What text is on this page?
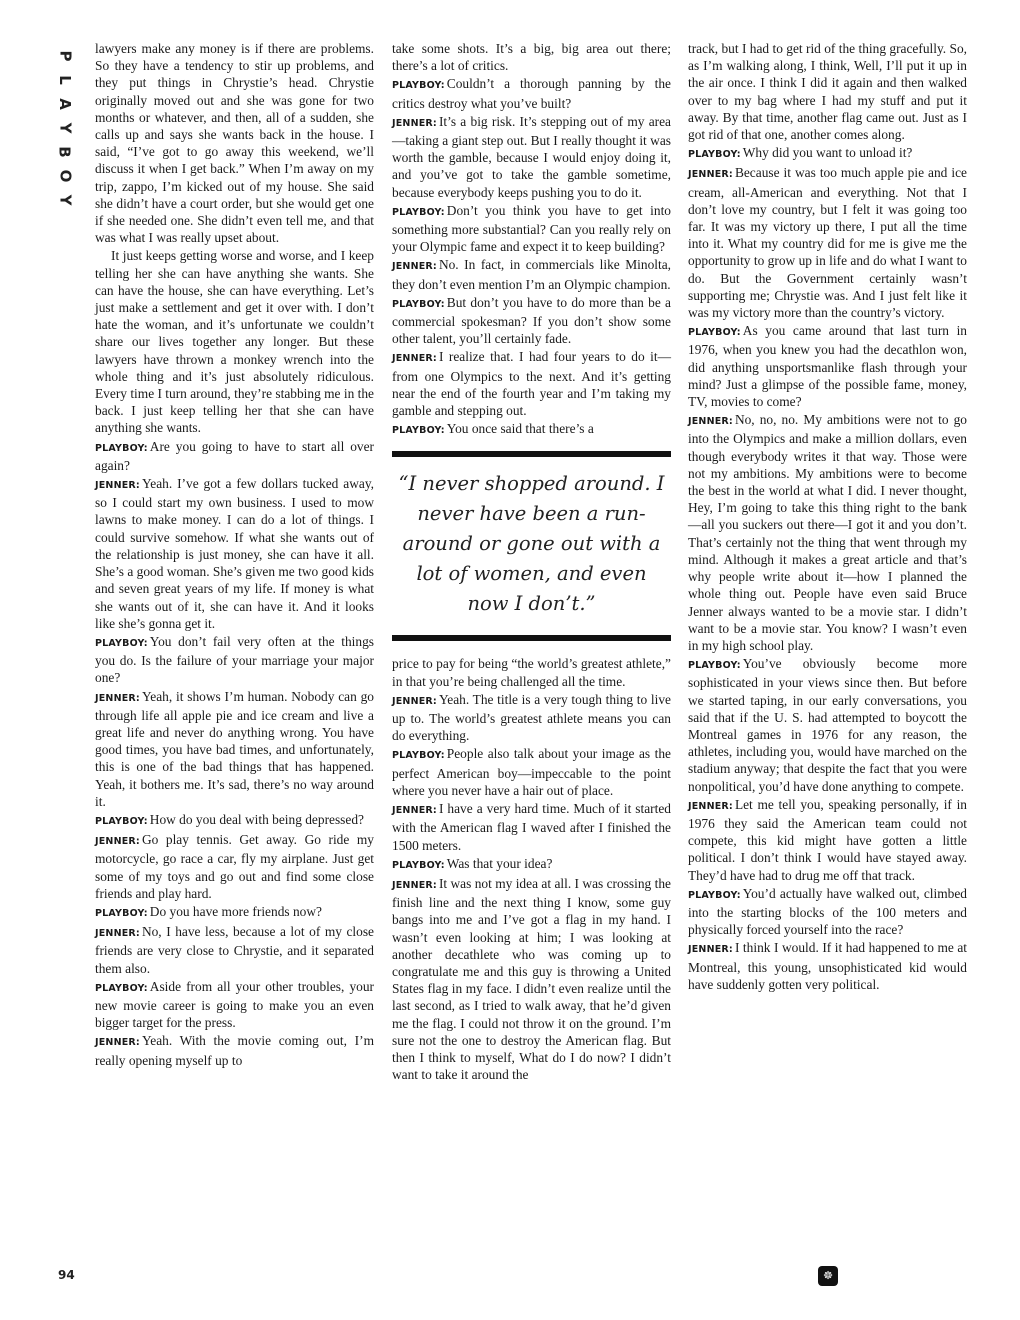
P
L
A
Y
B
O
Y

lawyers make any money is if there are problems. So they have a tendency to stir up problems, and they put things in Chrystie’s head. Chrystie originally moved out and she was gone for two months or whatever, and then, all of a sudden, she calls up and says she wants back in the house. I said, “I’ve got to go away this weekend, we’ll discuss it when I get back.” When I’m away on my trip, zappo, I’m kicked out of my house. She said she didn’t have a court order, but she would get one if she needed one. She didn’t even tell me, and that was what I was really upset about.

It just keeps getting worse and worse, and I keep telling her she can have anything she wants. She can have the house, she can have everything. Let’s just make a settlement and get it over with. I don’t hate the woman, and it’s unfortunate we couldn’t share our lives together any longer. But these lawyers have thrown a monkey wrench into the whole thing and it’s just absolutely ridiculous. Every time I turn around, they’re stabbing me in the back. I just keep telling her that she can have anything she wants.

PLAYBOY: Are you going to have to start all over again?

JENNER: Yeah. I’ve got a few dollars tucked away, so I could start my own business. I used to mow lawns to make money. I can do a lot of things. I could survive somehow. If what she wants out of the relationship is just money, she can have it all. She’s a good woman. She’s given me two good kids and seven great years of my life. If money is what she wants out of it, she can have it. And it looks like she’s gonna get it.

PLAYBOY: You don’t fail very often at the things you do. Is the failure of your marriage your major one?

JENNER: Yeah, it shows I’m human. Nobody can go through life all apple pie and ice cream and live a great life and never do anything wrong. You have good times, you have bad times, and unfortunately, this is one of the bad things that has happened. Yeah, it bothers me. It’s sad, there’s no way around it.

PLAYBOY: How do you deal with being depressed?

JENNER: Go play tennis. Get away. Go ride my motorcycle, go race a car, fly my airplane. Just get some of my toys and go out and find some close friends and play hard.

PLAYBOY: Do you have more friends now?

JENNER: No, I have less, because a lot of my close friends are very close to Chrystie, and it separated them also.

PLAYBOY: Aside from all your other troubles, your new movie career is going to make you an even bigger target for the press.

JENNER: Yeah. With the movie coming out, I’m really opening myself up to

take some shots. It’s a big, big area out there; there’s a lot of critics.

PLAYBOY: Couldn’t a thorough panning by the critics destroy what you’ve built?

JENNER: It’s a big risk. It’s stepping out of my area—taking a giant step out. But I really thought it was worth the gamble, because I would enjoy doing it, and you’ve got to take the gamble sometime, because everybody keeps pushing you to do it.

PLAYBOY: Don’t you think you have to get into something more substantial? Can you really rely on your Olympic fame and expect it to keep building?

JENNER: No. In fact, in commercials like Minolta, they don’t even mention I’m an Olympic champion.

PLAYBOY: But don’t you have to do more than be a commercial spokesman? If you don’t show some other talent, you’ll certainly fade.

JENNER: I realize that. I had four years to do it—from one Olympics to the next. And it’s getting near the end of the fourth year and I’m taking my gamble and stepping out.

PLAYBOY: You once said that there’s a

“I never shopped around. I never have been a run-around or gone out with a lot of women, and even now I don’t.”

price to pay for being “the world’s greatest athlete,” in that you’re being challenged all the time.

JENNER: Yeah. The title is a very tough thing to live up to. The world’s greatest athlete means you can do everything.

PLAYBOY: People also talk about your image as the perfect American boy—impeccable to the point where you never have a hair out of place.

JENNER: I have a very hard time. Much of it started with the American flag I waved after I finished the 1500 meters.

PLAYBOY: Was that your idea?

JENNER: It was not my idea at all. I was crossing the finish line and the next thing I know, some guy bangs into me and I’ve got a flag in my hand. I wasn’t even looking at him; I was looking at another decathlete who was coming up to congratulate me and this guy is throwing a United States flag in my face. I didn’t even realize until the last second, as I tried to walk away, that he’d given me the flag. I could not throw it on the ground. I’m sure not the one to destroy the American flag. But then I think to myself, What do I do now? I didn’t want to take it around the

track, but I had to get rid of the thing gracefully. So, as I’m walking along, I think, Well, I’ll put it up in the air once. I think I did it again and then walked over to my bag where I had my stuff and put it away. By that time, another flag came out. Just as I got rid of that one, another comes along.

PLAYBOY: Why did you want to unload it?

JENNER: Because it was too much apple pie and ice cream, all-American and everything. Not that I don’t love my country, but I felt it was going too far. It was my victory up there, I put all the time into it. What my country did for me is give me the opportunity to grow up in life and do what I want to do. But the Government certainly wasn’t supporting me; Chrystie was. And I just felt like it was my victory more than the country’s victory.

PLAYBOY: As you came around that last turn in 1976, when you knew you had the decathlon won, did anything unsportsmanlike flash through your mind? Just a glimpse of the possible fame, money, TV, movies to come?

JENNER: No, no, no. My ambitions were not to go into the Olympics and make a million dollars, even though everybody writes it that way. Those were not my ambitions. My ambitions were to become the best in the world at what I did. I never thought, Hey, I’m going to take this thing right to the bank—all you suckers out there—I got it and you don’t. That’s certainly not the thing that went through my mind. Although it makes a great article and that’s why people write about it—how I planned the whole thing out. People have even said Bruce Jenner always wanted to be a movie star. I didn’t want to be a movie star. You know? I wasn’t even in my high school play.

PLAYBOY: You’ve obviously become more sophisticated in your views since then. But before we started taping, in our early conversations, you said that if the U. S. had attempted to boycott the Montreal games in 1976 for any reason, the athletes, including you, would have marched on the stadium anyway; that despite the fact that you were nonpolitical, you’d have done anything to compete.

JENNER: Let me tell you, speaking personally, if in 1976 they said the American team could not compete, this kid might have gotten a little political. I don’t think I would have stayed away. They’d have had to drug me off that track.

PLAYBOY: You’d actually have walked out, climbed into the starting blocks of the 100 meters and physically forced yourself into the race?

JENNER: I think I would. If it had happened to me at Montreal, this young, unsophisticated kid would have suddenly gotten very political.

94	☸
